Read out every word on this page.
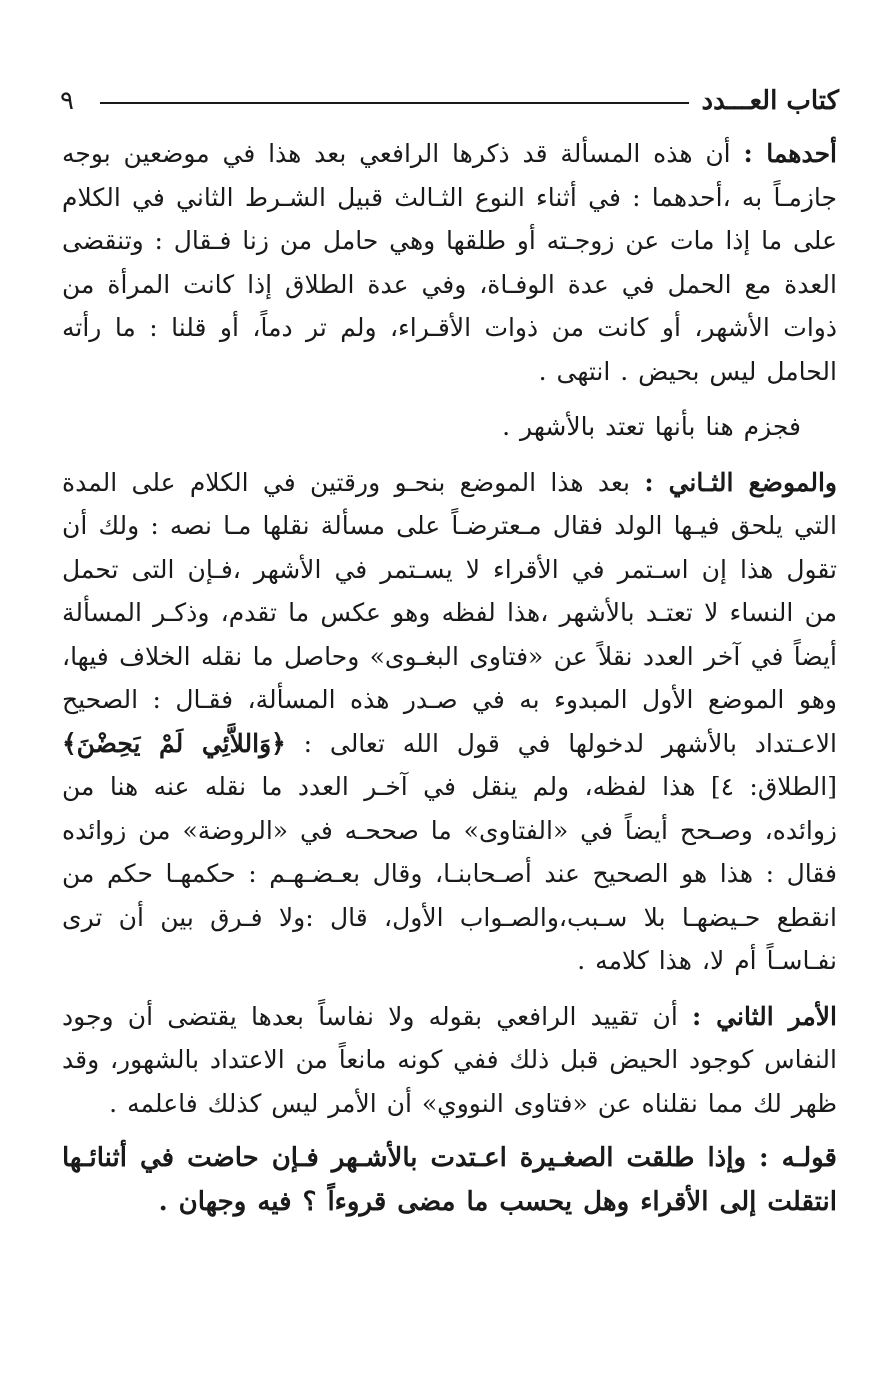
كتاب العـــدد
٩

أحدهما : أن هذه المسألة قد ذكرها الرافعي بعد هذا في موضعين بوجه جازمـاً به ،أحدهما : في أثناء النوع الثـالث قبيل الشـرط الثاني في الكلام على ما إذا مات عن زوجـته أو طلقها وهي حامل من زنا فـقال : وتنقضى العدة مع الحمل في عدة الوفـاة، وفي عدة الطلاق إذا كانت المرأة من ذوات الأشهر، أو كانت من ذوات الأقـراء، ولم تر دماً، أو قلنا : ما رأته الحامل ليس بحيض . انتهى .

فجزم هنا بأنها تعتد بالأشهر .

والموضع الثـاني : بعد هذا الموضع بنحـو ورقتين في الكلام على المدة التي يلحق فيـها الولد فقال مـعترضـاً على مسألة نقلها مـا نصه : ولك أن تقول هذا إن اسـتمر في الأقراء لا يسـتمر في الأشهر ،فـإن التى تحمل من النساء لا تعتـد بالأشهر ،هذا لفظه وهو عكس ما تقدم، وذكـر المسألة أيضاً في آخر العدد نقلاً عن «فتاوى البغـوى» وحاصل ما نقله الخلاف فيها، وهو الموضع الأول المبدوء به في صـدر هذه المسألة، فقـال : الصحيح الاعـتداد بالأشهر لدخولها في قول الله تعالى : ﴿وَاللاَّئِي لَمْ يَحِضْنَ﴾ [الطلاق: ٤] هذا لفظه، ولم ينقل في آخـر العدد ما نقله عنه هنا من زوائده، وصـحح أيضاً في «الفتاوى» ما صححـه في «الروضة» من زوائده فقال : هذا هو الصحيح عند أصـحابنـا، وقال بعـضـهـم : حكمهـا حكم من انقطع حـيضهـا بلا سـبب،والصـواب الأول، قال :ولا فـرق بين أن ترى نفـاسـاً أم لا، هذا كلامه .

الأمر الثاني : أن تقييد الرافعي بقوله ولا نفاساً بعدها يقتضى أن وجود النفاس كوجود الحيض قبل ذلك ففي كونه مانعاً من الاعتداد بالشهور، وقد ظهر لك مما نقلناه عن «فتاوى النووي» أن الأمر ليس كذلك فاعلمه .

قولـه : وإذا طلقت الصغـيرة اعـتدت بالأشـهر فـإن حاضت في أثنائـها انتقلت إلى الأقراء وهل يحسب ما مضى قروءاً ؟ فيه وجهان .
